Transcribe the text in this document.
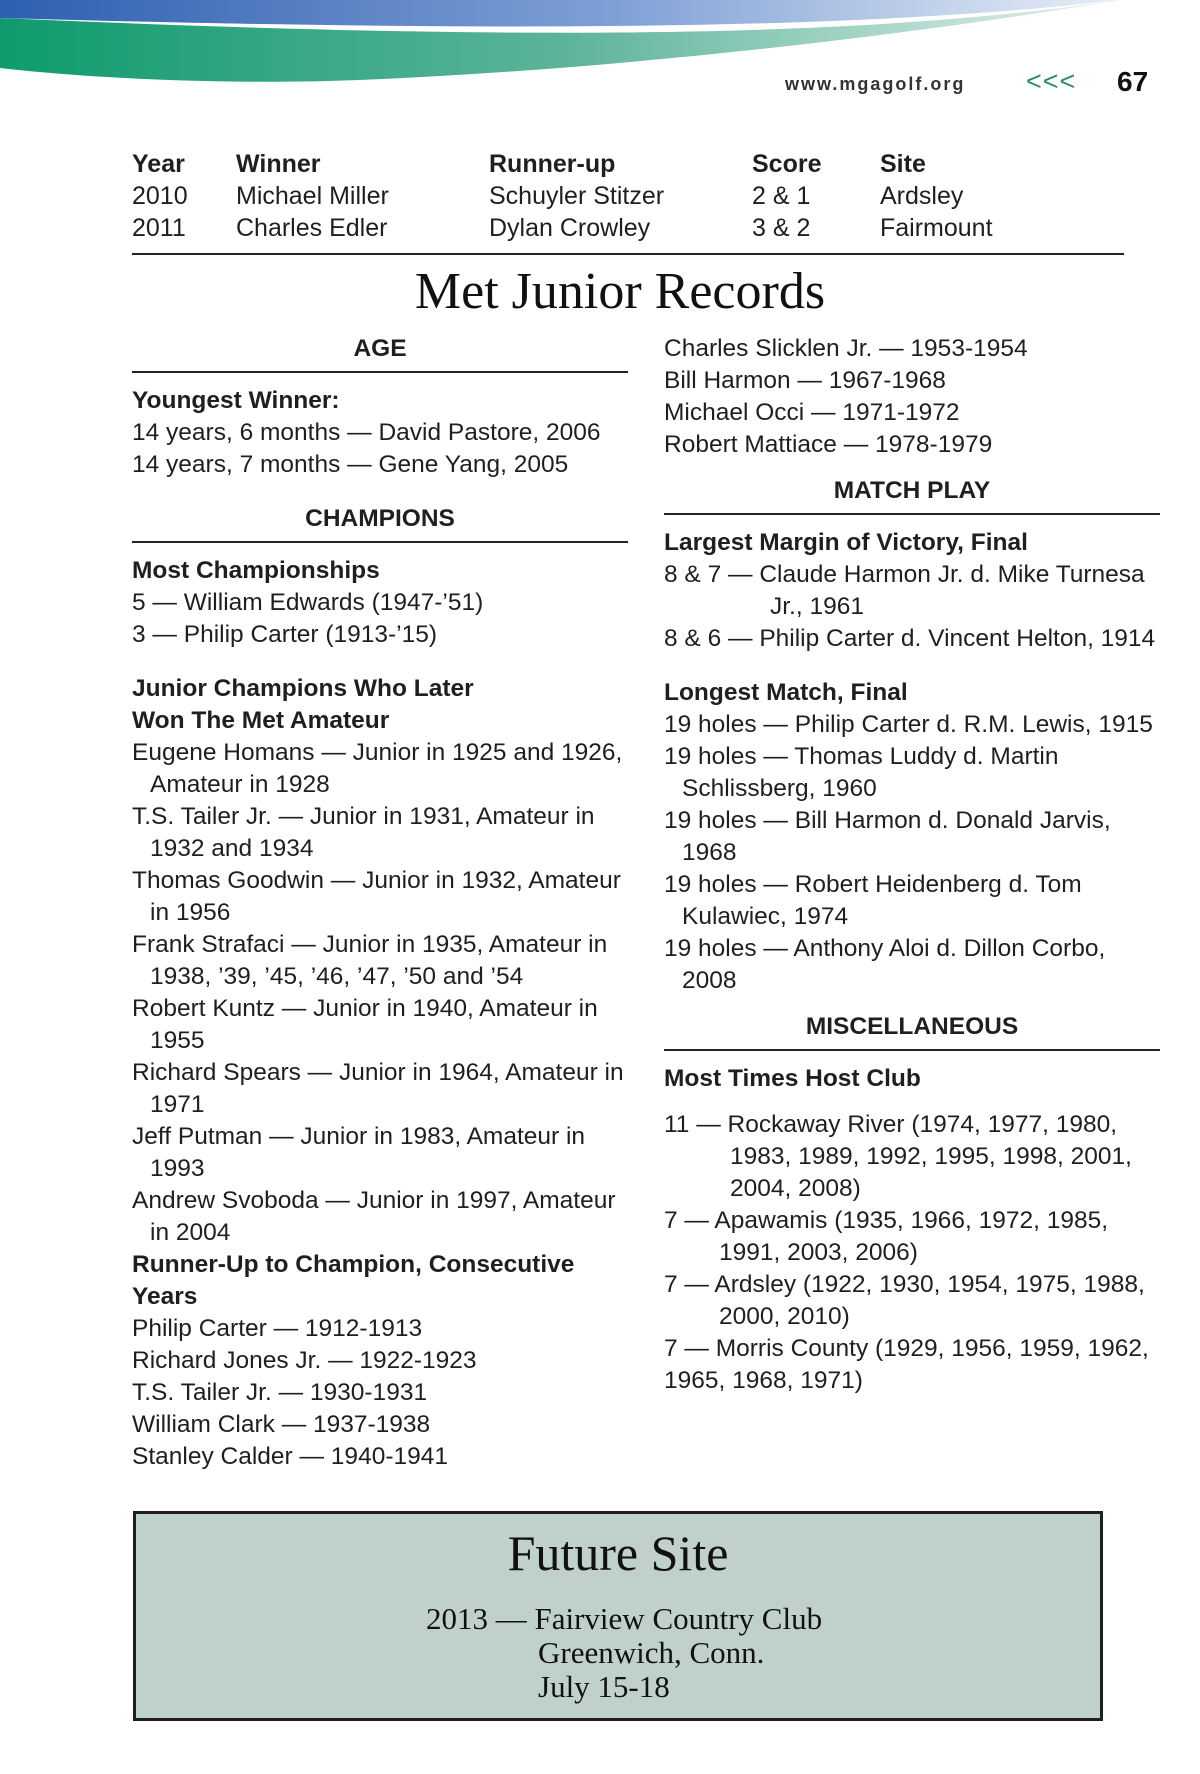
www.mgagolf.org <<< 67
Year	Winner	Runner-up	Score	Site
2010	Michael Miller	Schuyler Stitzer	2 & 1	Ardsley
2011	Charles Edler	Dylan Crowley	3 & 2	Fairmount
Met Junior Records
AGE
Youngest Winner:
14 years, 6 months — David Pastore, 2006
14 years, 7 months — Gene Yang, 2005
CHAMPIONS
Most Championships
5 — William Edwards (1947-’51)
3 — Philip Carter (1913-’15)
Junior Champions Who Later
Won The Met Amateur
Eugene Homans — Junior in 1925 and 1926, Amateur in 1928
T.S. Tailer Jr. — Junior in 1931, Amateur in 1932 and 1934
Thomas Goodwin — Junior in 1932, Amateur in 1956
Frank Strafaci — Junior in 1935, Amateur in 1938, ’39, ’45, ’46, ’47, ’50 and ’54
Robert Kuntz — Junior in 1940, Amateur in 1955
Richard Spears — Junior in 1964, Amateur in 1971
Jeff Putman — Junior in 1983, Amateur in 1993
Andrew Svoboda — Junior in 1997, Amateur in 2004
Runner-Up to Champion, Consecutive Years
Philip Carter — 1912-1913
Richard Jones Jr. — 1922-1923
T.S. Tailer Jr. — 1930-1931
William Clark — 1937-1938
Stanley Calder — 1940-1941
Charles Slicklen Jr. — 1953-1954
Bill Harmon — 1967-1968
Michael Occi — 1971-1972
Robert Mattiace — 1978-1979
MATCH PLAY
Largest Margin of Victory, Final
8 & 7 — Claude Harmon Jr. d. Mike Turnesa Jr., 1961
8 & 6 — Philip Carter d. Vincent Helton, 1914
Longest Match, Final
19 holes — Philip Carter d. R.M. Lewis, 1915
19 holes — Thomas Luddy d. Martin Schlissberg, 1960
19 holes — Bill Harmon d. Donald Jarvis, 1968
19 holes — Robert Heidenberg d. Tom Kulawiec, 1974
19 holes — Anthony Aloi d. Dillon Corbo, 2008
MISCELLANEOUS
Most Times Host Club
11 — Rockaway River (1974, 1977, 1980, 1983, 1989, 1992, 1995, 1998, 2001, 2004, 2008)
7 — Apawamis (1935, 1966, 1972, 1985, 1991, 2003, 2006)
7 — Ardsley (1922, 1930, 1954, 1975, 1988, 2000, 2010)
7 — Morris County (1929, 1956, 1959, 1962, 1965, 1968, 1971)
Future Site
2013 — Fairview Country Club
Greenwich, Conn.
July 15-18
